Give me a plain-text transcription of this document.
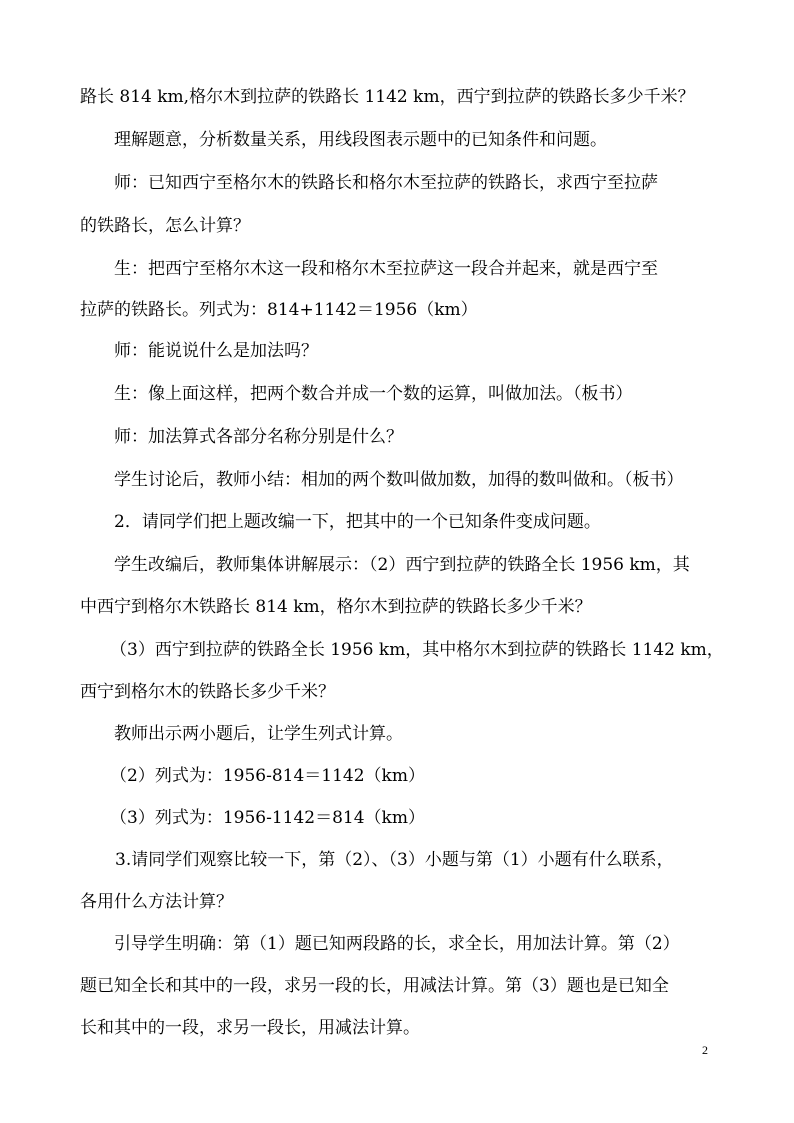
路长 814 km,格尔木到拉萨的铁路长 1142 km，西宁到拉萨的铁路长多少千米？
理解题意，分析数量关系，用线段图表示题中的已知条件和问题。
师：已知西宁至格尔木的铁路长和格尔木至拉萨的铁路长，求西宁至拉萨
的铁路长，怎么计算？
生：把西宁至格尔木这一段和格尔木至拉萨这一段合并起来，就是西宁至
拉萨的铁路长。列式为：814+1142＝1956（km）
师：能说说什么是加法吗？
生：像上面这样，把两个数合并成一个数的运算，叫做加法。（板书）
师：加法算式各部分名称分别是什么？
学生讨论后，教师小结：相加的两个数叫做加数，加得的数叫做和。（板书）
2．请同学们把上题改编一下，把其中的一个已知条件变成问题。
学生改编后，教师集体讲解展示：（2）西宁到拉萨的铁路全长 1956 km，其
中西宁到格尔木铁路长 814 km，格尔木到拉萨的铁路长多少千米？
（3）西宁到拉萨的铁路全长 1956 km，其中格尔木到拉萨的铁路长 1142 km，
西宁到格尔木的铁路长多少千米？
教师出示两小题后，让学生列式计算。
（2）列式为：1956-814＝1142（km）
（3）列式为：1956-1142＝814（km）
3.请同学们观察比较一下，第（2）、（3）小题与第（1）小题有什么联系，
各用什么方法计算？
引导学生明确：第（1）题已知两段路的长，求全长，用加法计算。第（2）
题已知全长和其中的一段，求另一段的长，用减法计算。第（3）题也是已知全
长和其中的一段，求另一段长，用减法计算。
2
